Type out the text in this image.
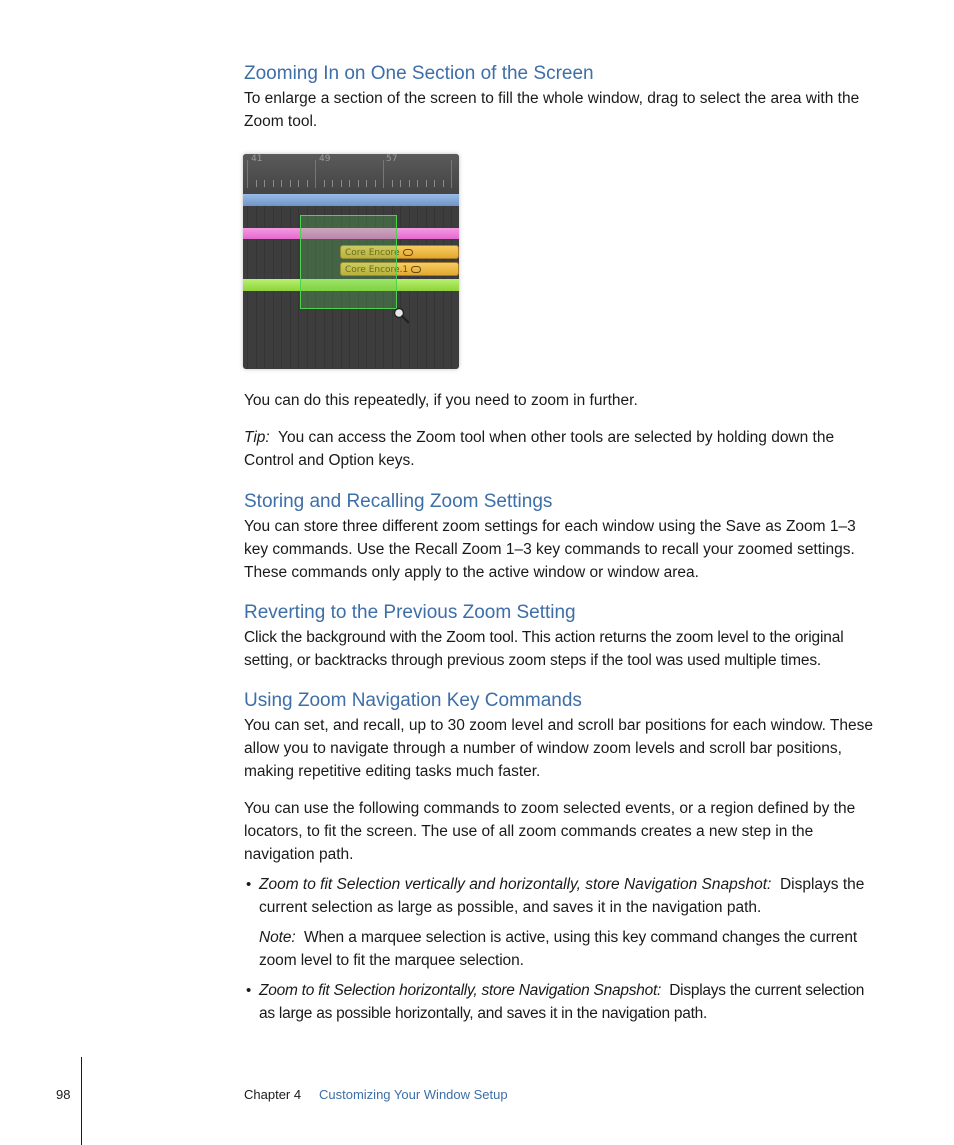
Zooming In on One Section of the Screen

To enlarge a section of the screen to fill the whole window, drag to select the area with the Zoom tool.

41	49	57
Core Encore
Core Encore.1

You can do this repeatedly, if you need to zoom in further.

Tip: You can access the Zoom tool when other tools are selected by holding down the Control and Option keys.

Storing and Recalling Zoom Settings

You can store three different zoom settings for each window using the Save as Zoom 1–3 key commands. Use the Recall Zoom 1–3 key commands to recall your zoomed settings. These commands only apply to the active window or window area.

Reverting to the Previous Zoom Setting

Click the background with the Zoom tool. This action returns the zoom level to the original setting, or backtracks through previous zoom steps if the tool was used multiple times.

Using Zoom Navigation Key Commands

You can set, and recall, up to 30 zoom level and scroll bar positions for each window. These allow you to navigate through a number of window zoom levels and scroll bar positions, making repetitive editing tasks much faster.

You can use the following commands to zoom selected events, or a region defined by the locators, to fit the screen. The use of all zoom commands creates a new step in the navigation path.

• Zoom to fit Selection vertically and horizontally, store Navigation Snapshot: Displays the current selection as large as possible, and saves it in the navigation path.

Note: When a marquee selection is active, using this key command changes the current zoom level to fit the marquee selection.

• Zoom to fit Selection horizontally, store Navigation Snapshot: Displays the current selection as large as possible horizontally, and saves it in the navigation path.

98	Chapter 4 Customizing Your Window Setup
